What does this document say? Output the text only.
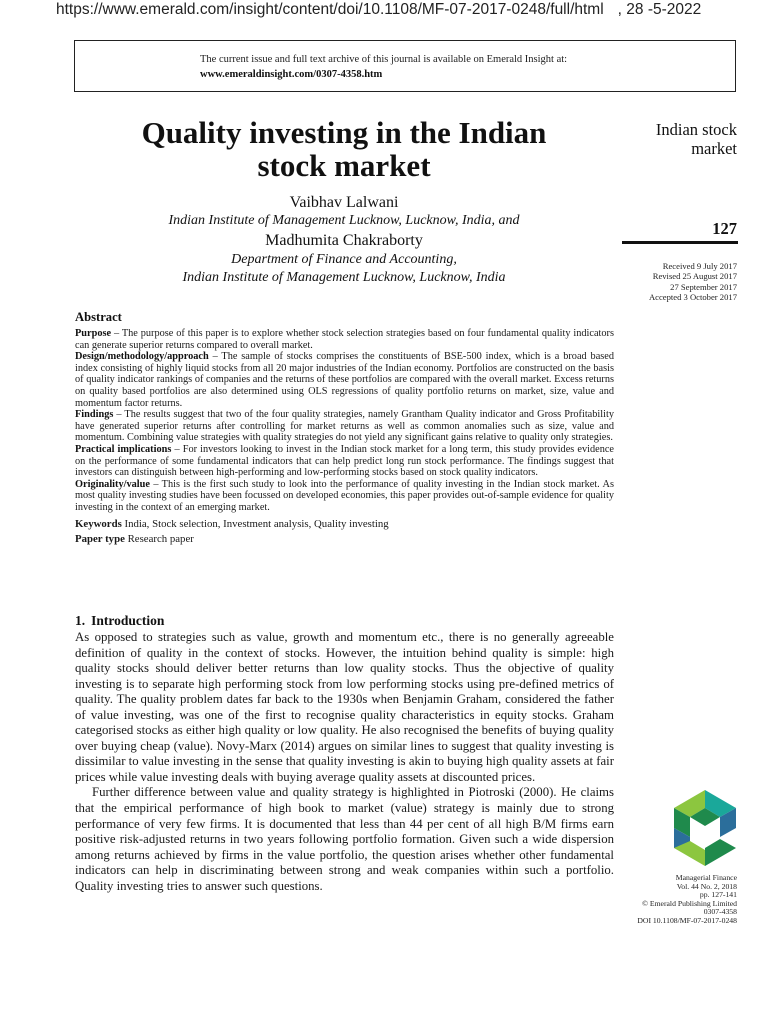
https://www.emerald.com/insight/content/doi/10.1108/MF-07-2017-0248/full/html , 28 -5-2022
The current issue and full text archive of this journal is available on Emerald Insight at:
www.emeraldinsight.com/0307-4358.htm
Quality investing in the Indian
stock market
Vaibhav Lalwani
Indian Institute of Management Lucknow, Lucknow, India, and
Madhumita Chakraborty
Department of Finance and Accounting,
Indian Institute of Management Lucknow, Lucknow, India
Indian stock
market
127
Received 9 July 2017
Revised 25 August 2017
27 September 2017
Accepted 3 October 2017
Abstract

Purpose – The purpose of this paper is to explore whether stock selection strategies based on four fundamental quality indicators can generate superior returns compared to overall market.

Design/methodology/approach – The sample of stocks comprises the constituents of BSE-500 index, which is a broad based index consisting of highly liquid stocks from all 20 major industries of the Indian economy. Portfolios are constructed on the basis of quality indicator rankings of companies and the returns of these portfolios are compared with the overall market. Excess returns on quality based portfolios are also determined using OLS regressions of quality portfolio returns on market, size, value and momentum factor returns.

Findings – The results suggest that two of the four quality strategies, namely Grantham Quality indicator and Gross Profitability have generated superior returns after controlling for market returns as well as common anomalies such as size, value and momentum. Combining value strategies with quality strategies do not yield any significant gains relative to quality only strategies.

Practical implications – For investors looking to invest in the Indian stock market for a long term, this study provides evidence on the performance of some fundamental indicators that can help predict long run stock performance. The findings suggest that investors can distinguish between high-performing and low-performing stocks based on stock quality indicators.

Originality/value – This is the first such study to look into the performance of quality investing in the Indian stock market. As most quality investing studies have been focussed on developed economies, this paper provides out-of-sample evidence for quality investing in the context of an emerging market.

Keywords India, Stock selection, Investment analysis, Quality investing
Paper type Research paper
1. Introduction

As opposed to strategies such as value, growth and momentum etc., there is no generally agreeable definition of quality in the context of stocks. However, the intuition behind quality is simple: high quality stocks should deliver better returns than low quality stocks. Thus the objective of quality investing is to separate high performing stock from low performing stocks using pre-defined metrics of quality. The quality problem dates far back to the 1930s when Benjamin Graham, considered the father of value investing, was one of the first to recognise quality characteristics in equity stocks. Graham categorised stocks as either high quality or low quality. He also recognised the benefits of buying quality over buying cheap (value). Novy-Marx (2014) argues on similar lines to suggest that quality investing is dissimilar to value investing in the sense that quality investing is akin to buying high quality assets at fair prices while value investing deals with buying average quality assets at discounted prices.

Further difference between value and quality strategy is highlighted in Piotroski (2000). He claims that the empirical performance of high book to market (value) strategy is mainly due to strong performance of very few firms. It is documented that less than 44 per cent of all high B/M firms earn positive risk-adjusted returns in two years following portfolio formation. Given such a wide dispersion among returns achieved by firms in the value portfolio, the question arises whether other fundamental indicators can help in discriminating between strong and weak companies within such a portfolio. Quality investing tries to answer such questions.

Managerial Finance
Vol. 44 No. 2, 2018
pp. 127-141
© Emerald Publishing Limited
0307-4358
DOI 10.1108/MF-07-2017-0248
